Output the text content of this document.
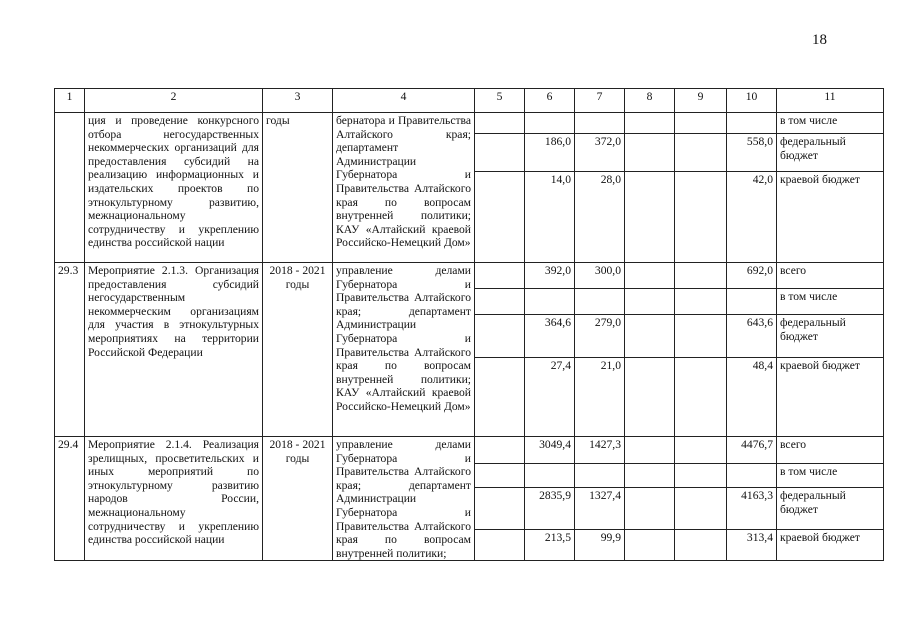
18
1	2	3	4	5	6	7	8	9	10	11
	ция и проведение конкурсного отбора негосударственных некоммерческих организаций для предоставления субсидий на реализацию информационных и издательских проектов по этнокультурному развитию, межнациональному сотрудничеству и укреплению единства российской нации	годы	бернатора и Правительства Алтайского края; департамент Администрации Губернатора и Правительства Алтайского края по вопросам внутренней политики; КАУ «Алтайский краевой Российско-Немецкий Дом»							в том числе
					186,0	372,0			558,0	федеральный бюджет
					14,0	28,0			42,0	краевой бюджет
29.3	Мероприятие 2.1.3. Организация предоставления субсидий негосударственным некоммерческим организациям для участия в этнокультурных мероприятиях на территории Российской Федерации	2018 - 2021 годы	управление делами Губернатора и Правительства Алтайского края; департамент Администрации Губернатора и Правительства Алтайского края по вопросам внутренней политики; КАУ «Алтайский краевой Российско-Немецкий Дом»		392,0	300,0			692,0	всего
										в том числе
					364,6	279,0			643,6	федеральный бюджет
					27,4	21,0			48,4	краевой бюджет
29.4	Мероприятие 2.1.4. Реализация зрелищных, просветительских и иных мероприятий по этнокультурному развитию народов России, межнациональному сотрудничеству и укреплению единства российской нации	2018 - 2021 годы	управление делами Губернатора и Правительства Алтайского края; департамент Администрации Губернатора и Правительства Алтайского края по вопросам внутренней политики;		3049,4	1427,3			4476,7	всего
										в том числе
					2835,9	1327,4			4163,3	федеральный бюджет
					213,5	99,9			313,4	краевой бюджет
